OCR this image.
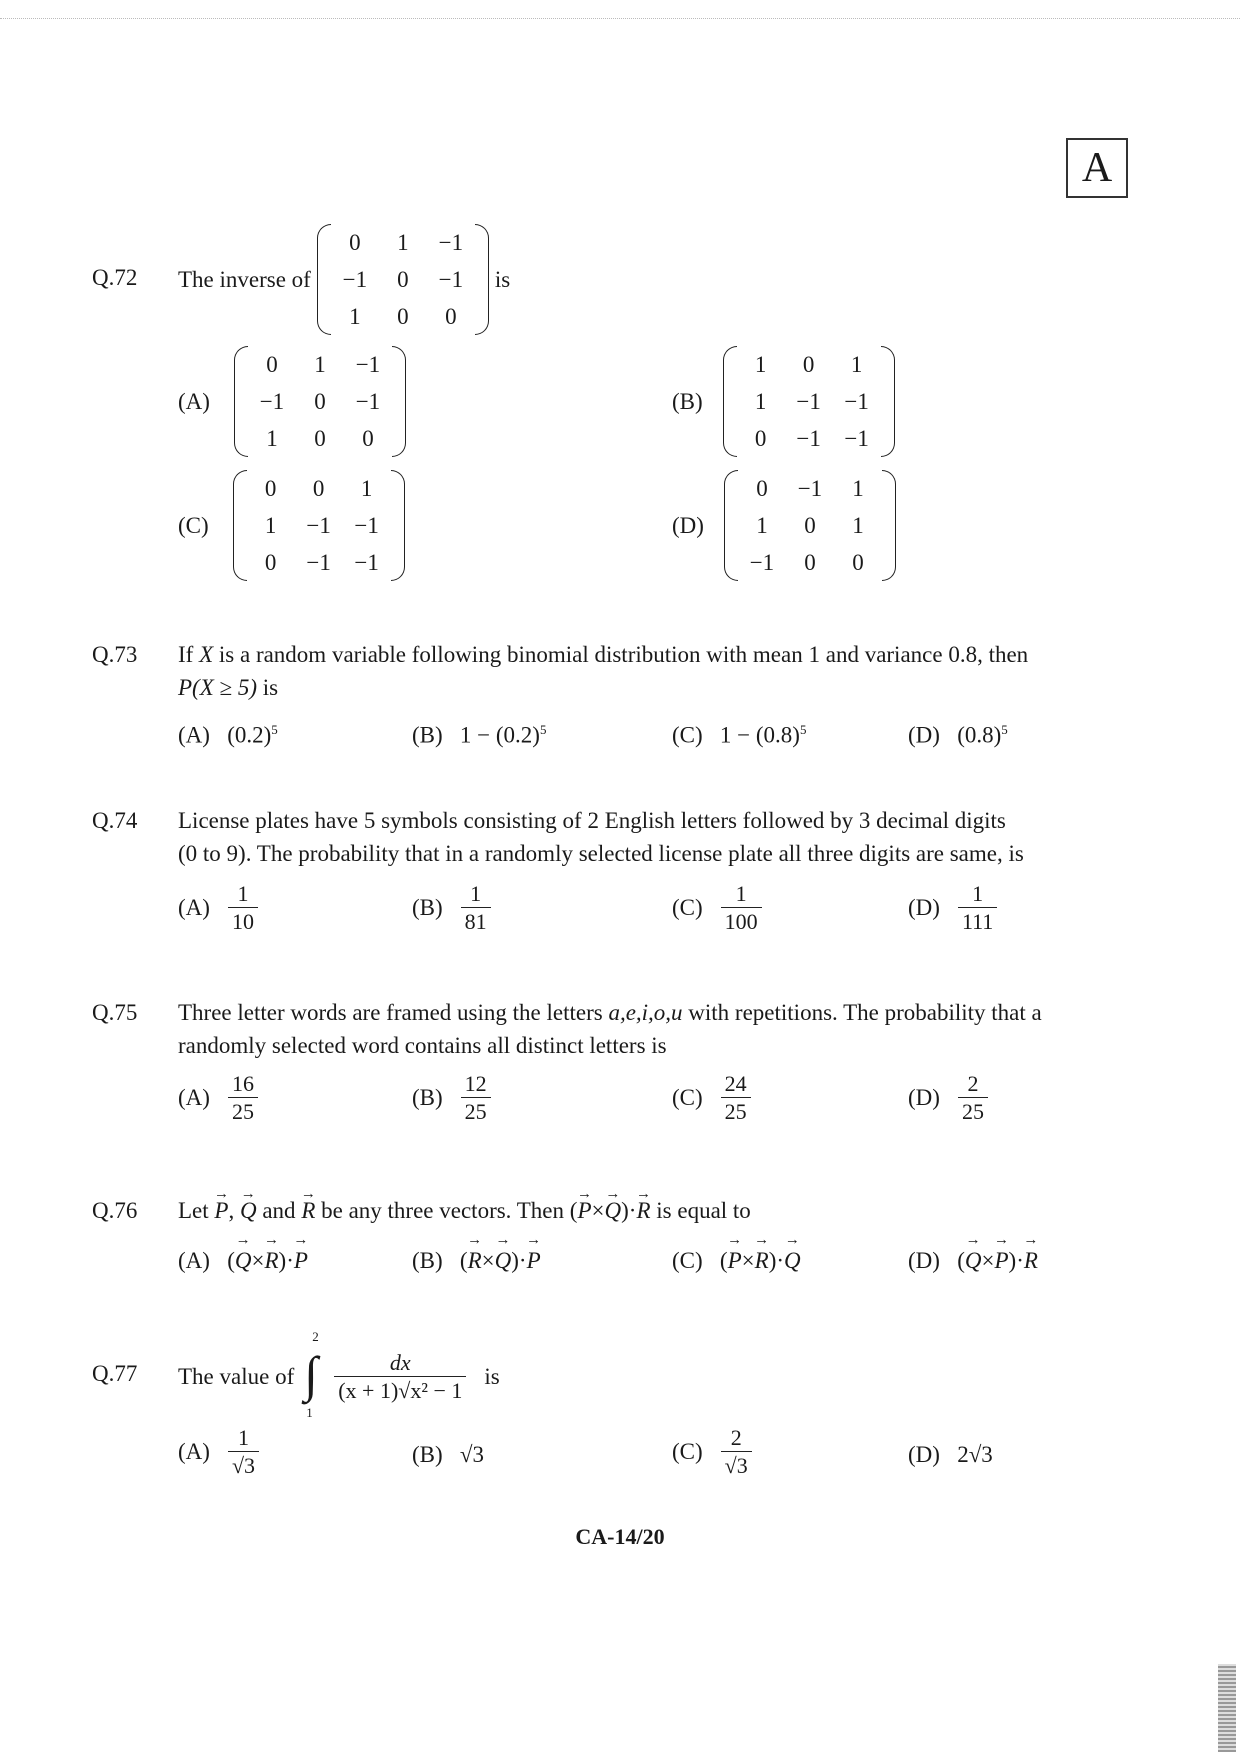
A
Q.72 The inverse of
0	1	−1
−1	0	−1
1	0	0
is
(A)
0	1	−1
−1	0	−1
1	0	0
(B)
1	0	1
1	−1	−1
0	−1	−1
(C)
0	0	1
1	−1	−1
0	−1	−1
(D)
0	−1	1
1	0	1
−1	0	0
Q.73 If X is a random variable following binomial distribution with mean 1 and variance 0.8, then
P(X ≥ 5) is
(A) $(0.2)^5$	(B) $1 - (0.2)^5$	(C) $1 - (0.8)^5$	(D) $(0.8)^5$
Q.74 License plates have 5 symbols consisting of 2 English letters followed by 3 decimal digits
(0 to 9). The probability that in a randomly selected license plate all three digits are same, is
$(A) \frac{1}{10}$	$(B) \frac{1}{81}$	$(C) \frac{1}{100}$	$(D) \frac{1}{111}$
Q.75 Three letter words are framed using the letters a,e,i,o,u with repetitions. The probability that a
randomly selected word contains all distinct letters is
$(A) \frac{16}{25}$	$(B) \frac{12}{25}$	$(C) \frac{24}{25}$	$(D) \frac{2}{25}$
Q.76 Let → P, → Q and → R be any three vectors. Then (→ P×→ Q)·→ R is equal to
(A)   (→ Q×→ R)·→ P	(B)   (→ R×→ Q)·→ P	(C)   (→ P×→ R)·→ Q	(D)   (→ Q×→ P)·→ R
Q.77 The value of ∫
2
1
$\frac{dx}{\text{(x + 1)√x² − 1}}$ is
$(A) \frac{1}{√3}$	(B) √3	$(C) \frac{2}{√3}$	(D) 2√3
CA-14/20
